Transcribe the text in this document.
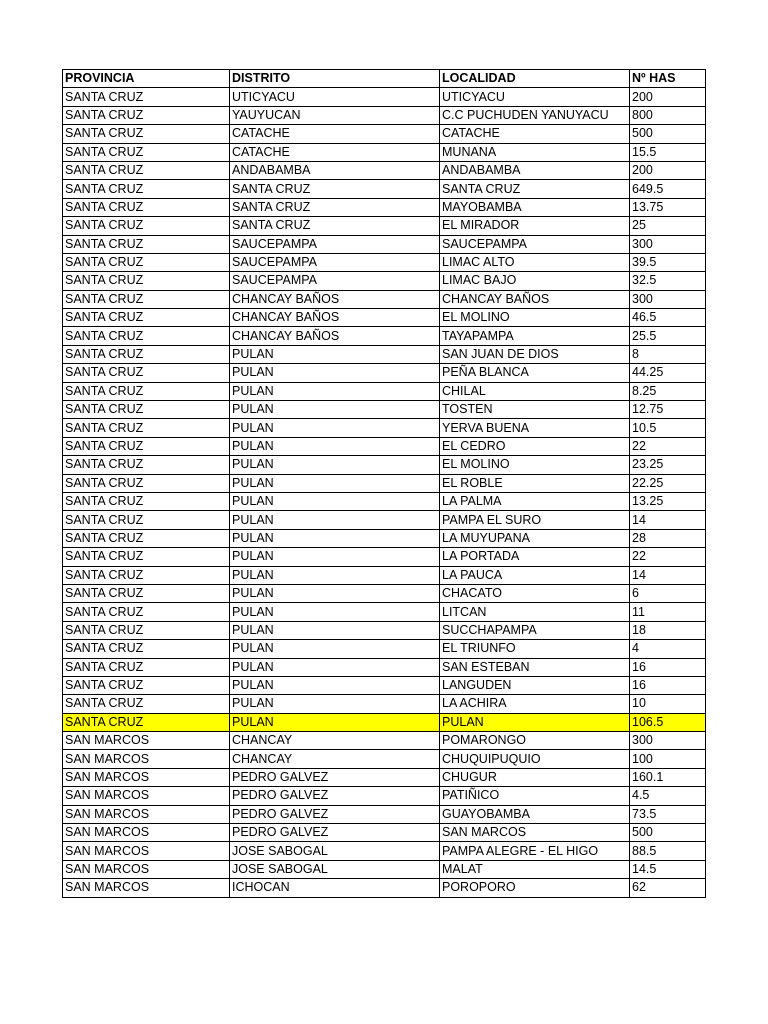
PROVINCIA	DISTRITO	LOCALIDAD	Nº HAS
SANTA CRUZ	UTICYACU	UTICYACU	200
SANTA CRUZ	YAUYUCAN	C.C PUCHUDEN YANUYACU	800
SANTA CRUZ	CATACHE	CATACHE	500
SANTA CRUZ	CATACHE	MUNANA	15.5
SANTA CRUZ	ANDABAMBA	ANDABAMBA	200
SANTA CRUZ	SANTA CRUZ	SANTA CRUZ	649.5
SANTA CRUZ	SANTA CRUZ	MAYOBAMBA	13.75
SANTA CRUZ	SANTA CRUZ	EL MIRADOR	25
SANTA CRUZ	SAUCEPAMPA	SAUCEPAMPA	300
SANTA CRUZ	SAUCEPAMPA	LIMAC ALTO	39.5
SANTA CRUZ	SAUCEPAMPA	LIMAC BAJO	32.5
SANTA CRUZ	CHANCAY BAÑOS	CHANCAY BAÑOS	300
SANTA CRUZ	CHANCAY BAÑOS	EL MOLINO	46.5
SANTA CRUZ	CHANCAY BAÑOS	TAYAPAMPA	25.5
SANTA CRUZ	PULAN	SAN JUAN DE DIOS	8
SANTA CRUZ	PULAN	PEÑA BLANCA	44.25
SANTA CRUZ	PULAN	CHILAL	8.25
SANTA CRUZ	PULAN	TOSTEN	12.75
SANTA CRUZ	PULAN	YERVA BUENA	10.5
SANTA CRUZ	PULAN	EL CEDRO	22
SANTA CRUZ	PULAN	EL MOLINO	23.25
SANTA CRUZ	PULAN	EL ROBLE	22.25
SANTA CRUZ	PULAN	LA PALMA	13.25
SANTA CRUZ	PULAN	PAMPA EL SURO	14
SANTA CRUZ	PULAN	LA MUYUPANA	28
SANTA CRUZ	PULAN	LA PORTADA	22
SANTA CRUZ	PULAN	LA PAUCA	14
SANTA CRUZ	PULAN	CHACATO	6
SANTA CRUZ	PULAN	LITCAN	11
SANTA CRUZ	PULAN	SUCCHAPAMPA	18
SANTA CRUZ	PULAN	EL TRIUNFO	4
SANTA CRUZ	PULAN	SAN ESTEBAN	16
SANTA CRUZ	PULAN	LANGUDEN	16
SANTA CRUZ	PULAN	LA ACHIRA	10
SANTA CRUZ	PULAN	PULAN	106.5
SAN MARCOS	CHANCAY	POMARONGO	300
SAN MARCOS	CHANCAY	CHUQUIPUQUIO	100
SAN MARCOS	PEDRO GALVEZ	CHUGUR	160.1
SAN MARCOS	PEDRO GALVEZ	PATIÑICO	4.5
SAN MARCOS	PEDRO GALVEZ	GUAYOBAMBA	73.5
SAN MARCOS	PEDRO GALVEZ	SAN MARCOS	500
SAN MARCOS	JOSE SABOGAL	PAMPA ALEGRE - EL HIGO	88.5
SAN MARCOS	JOSE SABOGAL	MALAT	14.5
SAN MARCOS	ICHOCAN	POROPORO	62
